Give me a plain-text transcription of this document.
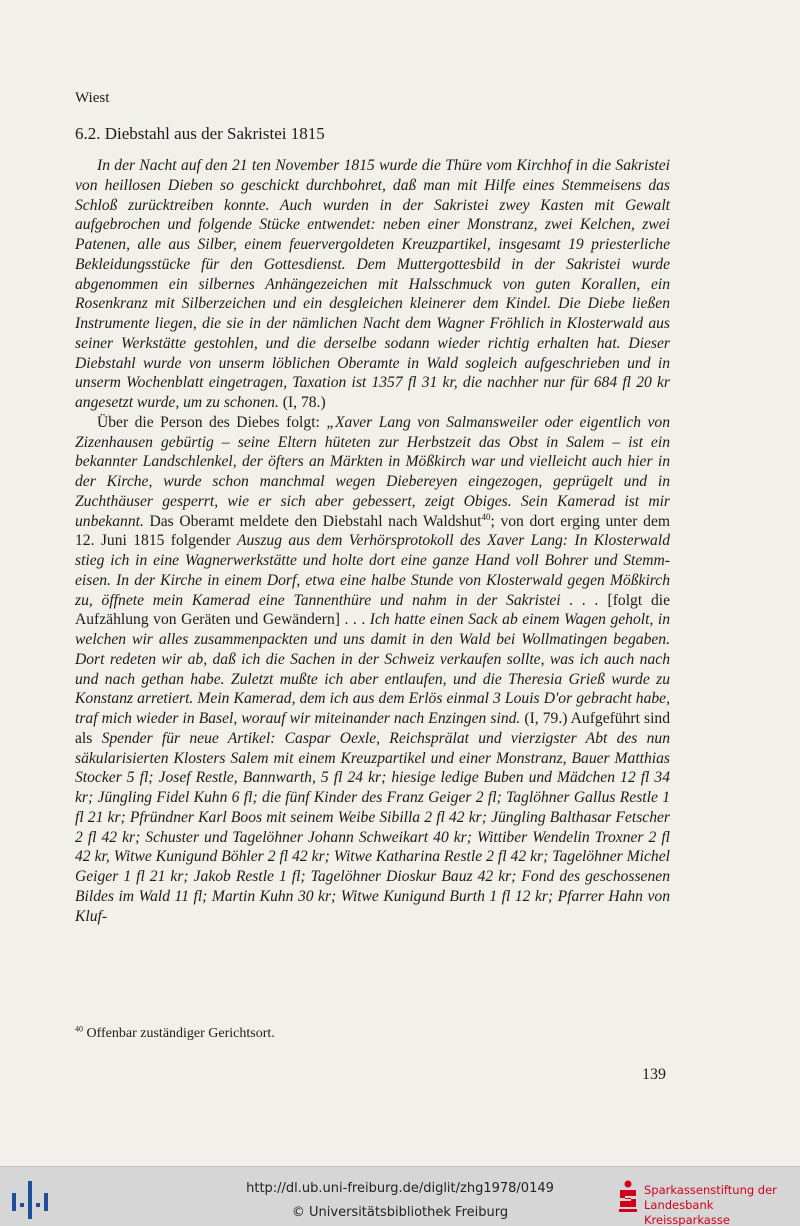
Wiest
6.2. Diebstahl aus der Sakristei 1815

In der Nacht auf den 21 ten November 1815 wurde die Thüre vom Kirchhof in die Sakristei von heillosen Dieben so geschickt durchbohret, daß man mit Hilfe eines Stemmeisens das Schloß zurücktreiben konnte. Auch wurden in der Sakristei zwey Kasten mit Gewalt aufgebrochen und folgende Stücke entwendet: neben einer Monstranz, zwei Kelchen, zwei Patenen, alle aus Silber, einem feuervergoldeten Kreuzpartikel, insgesamt 19 priesterliche Bekleidungsstücke für den Gottesdienst. Dem Muttergottesbild in der Sakristei wurde abgenommen ein silbernes Anhängezeichen mit Halsschmuck von guten Korallen, ein Rosenkranz mit Silberzeichen und ein desgleichen kleinerer dem Kindel. Die Diebe ließen Instrumente liegen, die sie in der nämlichen Nacht dem Wagner Fröhlich in Klosterwald aus seiner Werkstätte gestohlen, und die derselbe sodann wieder richtig erhalten hat. Dieser Diebstahl wurde von unserm löblichen Oberamte in Wald sogleich aufgeschrieben und in unserm Wochenblatt eingetragen, Taxation ist 1357 fl 31 kr, die nachher nur für 684 fl 20 kr angesetzt wurde, um zu schonen. (I, 78.)

Über die Person des Diebes folgt: „Xaver Lang von Salmansweiler oder eigentlich von Zizenhausen gebürtig – seine Eltern hüteten zur Herbstzeit das Obst in Salem – ist ein bekannter Landschlenkel, der öfters an Märkten in Mößkirch war und vielleicht auch hier in der Kirche, wurde schon manchmal wegen Diebereyen eingezogen, geprügelt und in Zuchthäuser gesperrt, wie er sich aber gebessert, zeigt Obiges. Sein Kamerad ist mir unbekannt. Das Oberamt meldete den Diebstahl nach Waldshut$^{40}$; von dort erging unter dem 12. Juni 1815 folgender Auszug aus dem Verhörsprotokoll des Xaver Lang: In Klosterwald stieg ich in eine Wagnerwerkstätte und holte dort eine ganze Hand voll Bohrer und Stemmeisen. In der Kirche in einem Dorf, etwa eine halbe Stunde von Klosterwald gegen Mößkirch zu, öffnete mein Kamerad eine Tannenthüre und nahm in der Sakristei . . . [folgt die Aufzählung von Geräten und Gewändern] . . . Ich hatte einen Sack ab einem Wagen geholt, in welchen wir alles zusammenpackten und uns damit in den Wald bei Wollmatingen begaben. Dort redeten wir ab, daß ich die Sachen in der Schweiz verkaufen sollte, was ich auch nach und nach gethan habe. Zuletzt mußte ich aber entlaufen, und die Theresia Grieß wurde zu Konstanz arretiert. Mein Kamerad, dem ich aus dem Erlös einmal 3 Louis D'or gebracht habe, traf mich wieder in Basel, worauf wir miteinander nach Enzingen sind. (I, 79.) Aufgeführt sind als Spender für neue Artikel: Caspar Oexle, Reichsprälat und vierzigster Abt des nun säkularisierten Klosters Salem mit einem Kreuzpartikel und einer Monstranz, Bauer Matthias Stocker 5 fl; Josef Restle, Bannwarth, 5 fl 24 kr; hiesige ledige Buben und Mädchen 12 fl 34 kr; Jüngling Fidel Kuhn 6 fl; die fünf Kinder des Franz Geiger 2 fl; Taglöhner Gallus Restle 1 fl 21 kr; Pfründner Karl Boos mit seinem Weibe Sibilla 2 fl 42 kr; Jüngling Balthasar Fetscher 2 fl 42 kr; Schuster und Tagelöhner Johann Schweikart 40 kr; Wittiber Wendelin Troxner 2 fl 42 kr, Witwe Kunigund Böhler 2 fl 42 kr; Witwe Katharina Restle 2 fl 42 kr; Tagelöhner Michel Geiger 1 fl 21 kr; Jakob Restle 1 fl; Tagelöhner Dioskur Bauz 42 kr; Fond des geschossenen Bildes im Wald 11 fl; Martin Kuhn 30 kr; Witwe Kunigund Burth 1 fl 12 kr; Pfarrer Hahn von Kluf-

$^{40}$ Offenbar zuständiger Gerichtsort.
139
http://dl.ub.uni-freiburg.de/diglit/zhg1978/0149
© Universitätsbibliothek Freiburg
Sparkassenstiftung der
Landesbank Kreissparkasse
